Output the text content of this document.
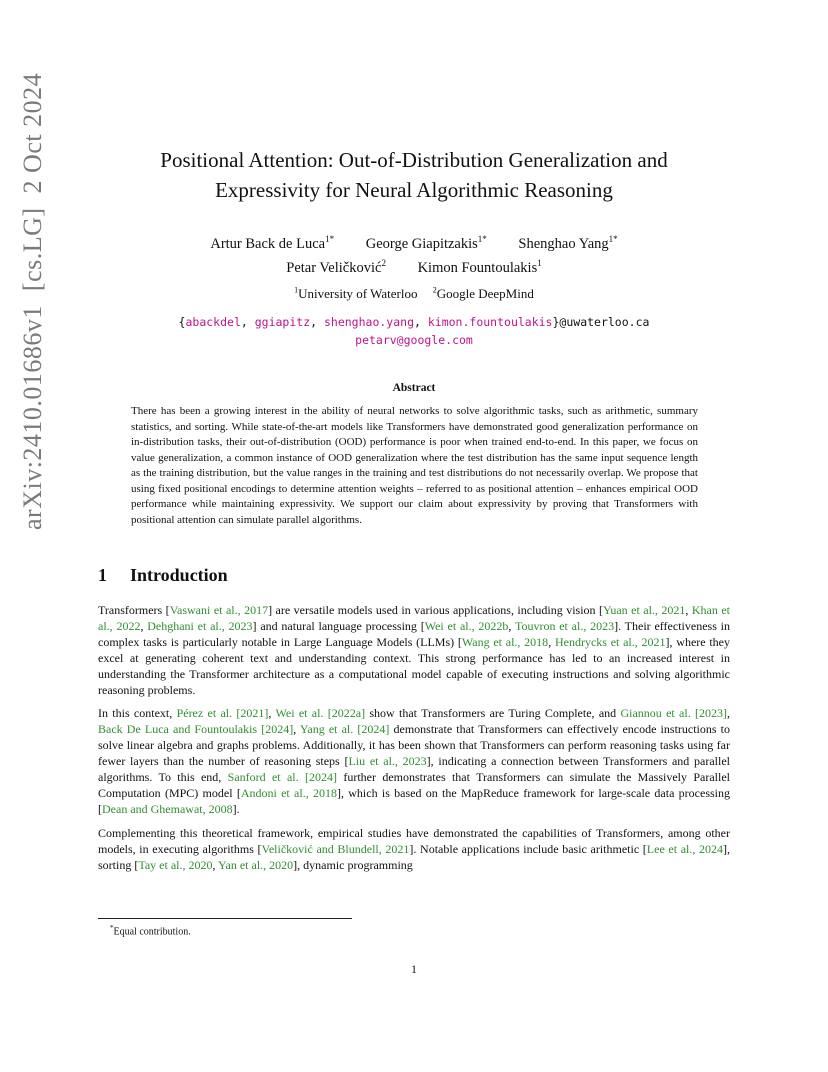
arXiv:2410.01686v1[cs.LG]2 Oct 2024	Positional Attention: Out-of-Distribution Generalization and
Expressivity for Neural Algorithmic Reasoning
Artur Back de Luca$^{1*}$ George Giapitzakis$^{1*}$ Shenghao Yang$^{1*}$
Petar Veličković$^2$ Kimon Fountoulakis$^1$
$^1$University of Waterloo $^2$Google DeepMind
{abackdel, ggiapitz, shenghao.yang, kimon.fountoulakis}@uwaterloo.ca
petarv@google.com
Abstract
There has been a growing interest in the ability of neural networks to solve algorithmic tasks, such as arithmetic, summary statistics, and sorting. While state-of-the-art models like Transformers have demonstrated good generalization performance on in-distribution tasks, their out-of-distribution (OOD) performance is poor when trained end-to-end. In this paper, we focus on value generalization, a common instance of OOD generalization where the test distribution has the same input sequence length as the training distribution, but the value ranges in the training and test distributions do not necessarily overlap. We propose that using fixed positional encodings to determine attention weights – referred to as positional attention – enhances empirical OOD performance while maintaining expressivity. We support our claim about expressivity by proving that Transformers with positional attention can simulate parallel algorithms.
1 Introduction

Transformers [Vaswani et al., 2017] are versatile models used in various applications, including vision [Yuan et al., 2021, Khan et al., 2022, Dehghani et al., 2023] and natural language processing [Wei et al., 2022b, Touvron et al., 2023]. Their effectiveness in complex tasks is particularly notable in Large Language Models (LLMs) [Wang et al., 2018, Hendrycks et al., 2021], where they excel at generating coherent text and understanding context. This strong performance has led to an increased interest in understanding the Transformer architecture as a computational model capable of executing instructions and solving algorithmic reasoning problems.

In this context, Pérez et al. [2021], Wei et al. [2022a] show that Transformers are Turing Complete, and Giannou et al. [2023], Back De Luca and Fountoulakis [2024], Yang et al. [2024] demonstrate that Transformers can effectively encode instructions to solve linear algebra and graphs problems. Additionally, it has been shown that Transformers can perform reasoning tasks using far fewer layers than the number of reasoning steps [Liu et al., 2023], indicating a connection between Transformers and parallel algorithms. To this end, Sanford et al. [2024] further demonstrates that Transformers can simulate the Massively Parallel Computation (MPC) model [Andoni et al., 2018], which is based on the MapReduce framework for large-scale data processing [Dean and Ghemawat, 2008].

Complementing this theoretical framework, empirical studies have demonstrated the capabilities of Transformers, among other models, in executing algorithms [Veličković and Blundell, 2021]. Notable applications include basic arithmetic [Lee et al., 2024], sorting [Tay et al., 2020, Yan et al., 2020], dynamic programming

*Equal contribution.
1
